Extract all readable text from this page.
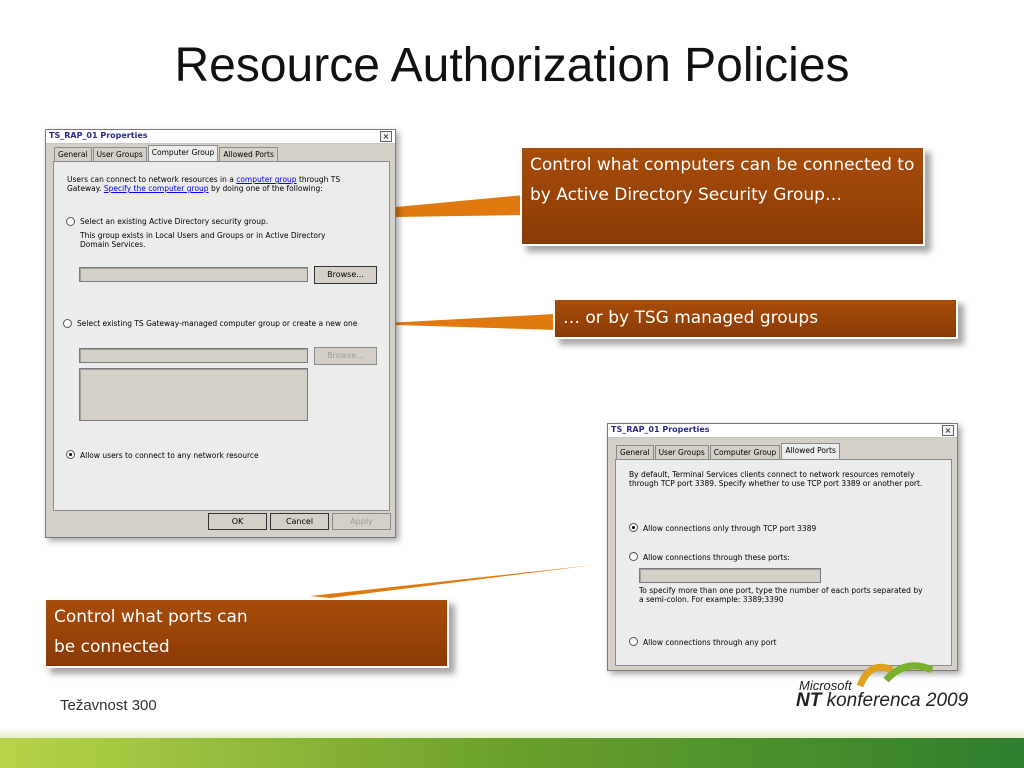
Resource Authorization Policies
TS_RAP_01 Properties	×
General	User Groups	Computer Group	Allowed Ports
Users can connect to network resources in a computer group through TS Gateway. Specify the computer group by doing one of the following:
Select an existing Active Directory security group.
This group exists in Local Users and Groups or in Active Directory Domain Services.
Browse...
Select existing TS Gateway-managed computer group or create a new one
Browse...
Allow users to connect to any network resource
OK	Cancel	Apply
TS_RAP_01 Properties	×
General	User Groups	Computer Group	Allowed Ports
By default, Terminal Services clients connect to network resources remotely through TCP port 3389. Specify whether to use TCP port 3389 or another port.
Allow connections only through TCP port 3389
Allow connections through these ports:
To specify more than one port, type the number of each ports separated by a semi-colon. For example: 3389;3390
Allow connections through any port
Control what computers can be connected to by Active Directory Security Group…
… or by TSG managed groups
Control what ports can
be connected
Težavnost 300
Microsoft
NT konferenca 2009
